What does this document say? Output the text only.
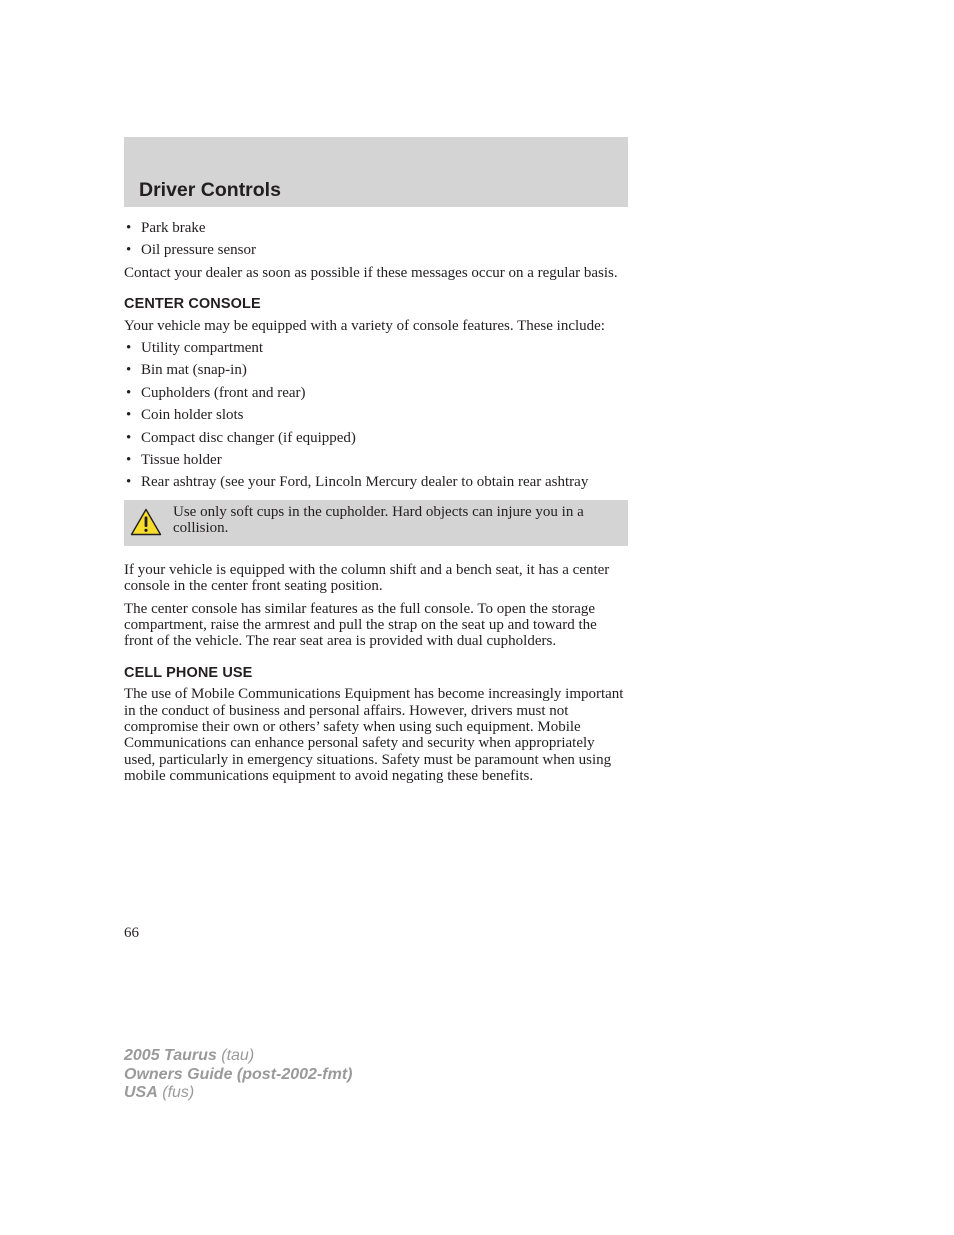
Driver Controls
• Park brake
• Oil pressure sensor

Contact your dealer as soon as possible if these messages occur on a regular basis.

CENTER CONSOLE

Your vehicle may be equipped with a variety of console features. These include:

• Utility compartment
• Bin mat (snap-in)
• Cupholders (front and rear)
• Coin holder slots
• Compact disc changer (if equipped)
• Tissue holder
• Rear ashtray (see your Ford, Lincoln Mercury dealer to obtain rear ashtray
Use only soft cups in the cupholder. Hard objects can injure you in a collision.

If your vehicle is equipped with the column shift and a bench seat, it has a center console in the center front seating position.

The center console has similar features as the full console. To open the storage compartment, raise the armrest and pull the strap on the seat up and toward the front of the vehicle. The rear seat area is provided with dual cupholders.

CELL PHONE USE

The use of Mobile Communications Equipment has become increasingly important in the conduct of business and personal affairs. However, drivers must not compromise their own or others’ safety when using such equipment. Mobile Communications can enhance personal safety and security when appropriately used, particularly in emergency situations. Safety must be paramount when using mobile communications equipment to avoid negating these benefits.

66
2005 Taurus (tau)
Owners Guide (post-2002-fmt)
USA (fus)
